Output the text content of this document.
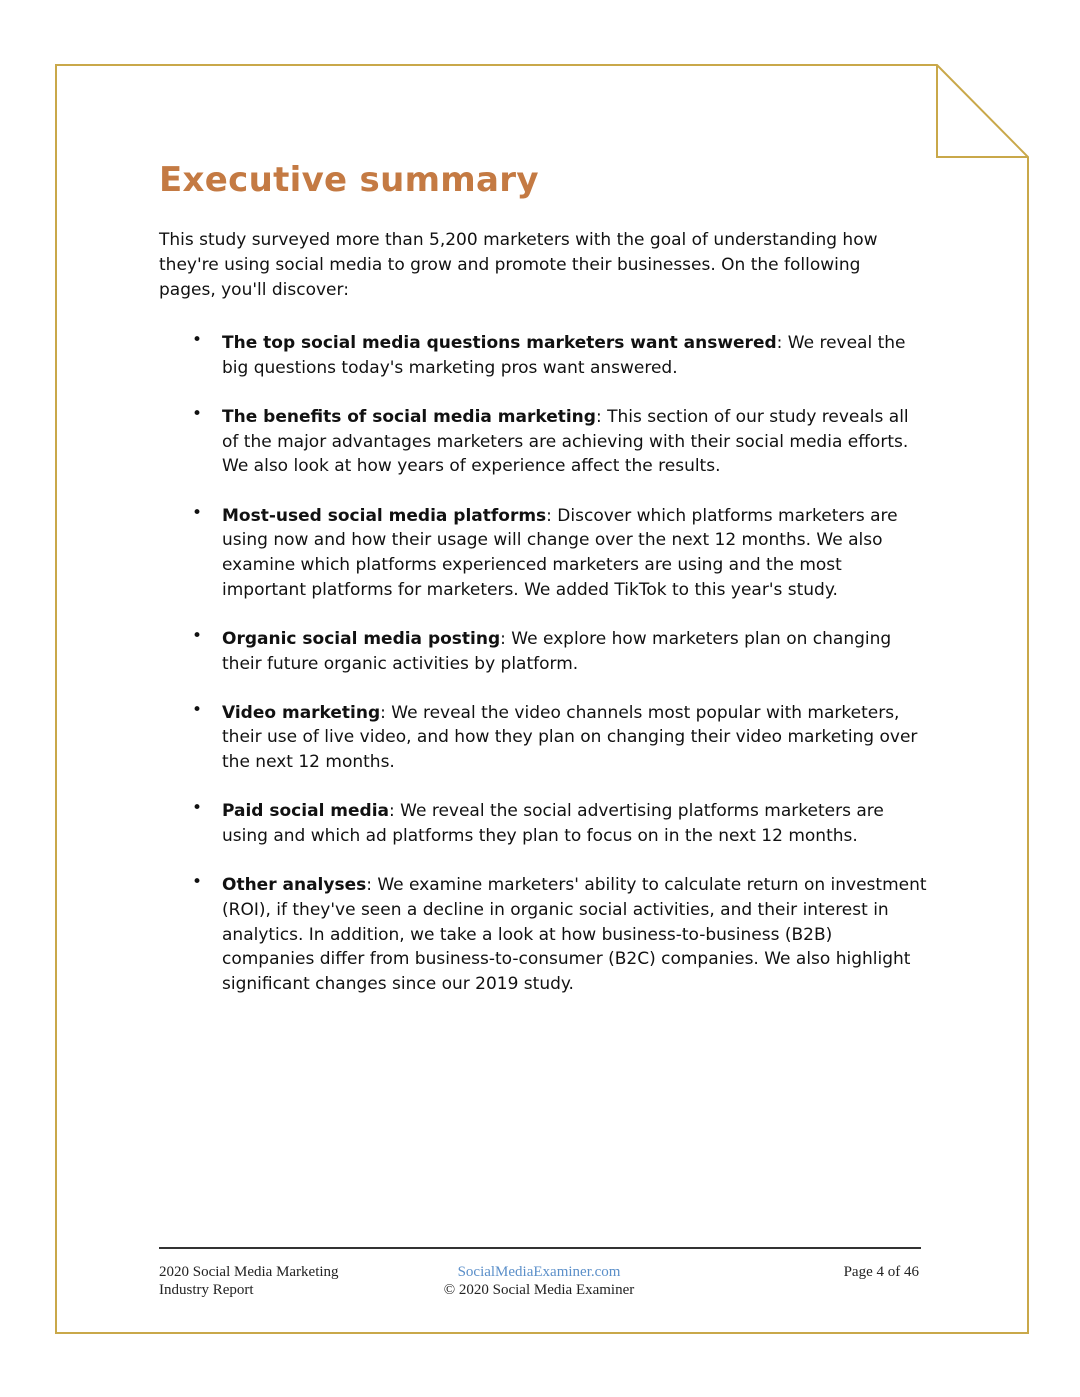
Executive summary

This study surveyed more than 5,200 marketers with the goal of understanding how they're using social media to grow and promote their businesses. On the following pages, you'll discover:

• The top social media questions marketers want answered: We reveal the big questions today's marketing pros want answered.
• The benefits of social media marketing: This section of our study reveals all of the major advantages marketers are achieving with their social media efforts. We also look at how years of experience affect the results.
• Most-used social media platforms: Discover which platforms marketers are using now and how their usage will change over the next 12 months. We also examine which platforms experienced marketers are using and the most important platforms for marketers. We added TikTok to this year's study.
• Organic social media posting: We explore how marketers plan on changing their future organic activities by platform.
• Video marketing: We reveal the video channels most popular with marketers, their use of live video, and how they plan on changing their video marketing over the next 12 months.
• Paid social media: We reveal the social advertising platforms marketers are using and which ad platforms they plan to focus on in the next 12 months.
• Other analyses: We examine marketers' ability to calculate return on investment (ROI), if they've seen a decline in organic social activities, and their interest in analytics. In addition, we take a look at how business-to-business (B2B) companies differ from business-to-consumer (B2C) companies. We also highlight significant changes since our 2019 study.
2020 Social Media Marketing
Industry Report
SocialMediaExaminer.com
© 2020 Social Media Examiner
Page 4 of 46
